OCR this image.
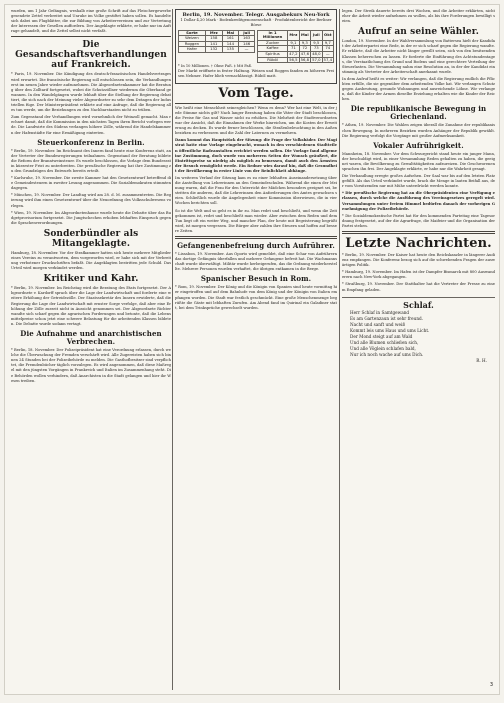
wurden, um 1 Jahr Gefängnis, weshalb eine große Schrift auf das Fleischergewerbe gesendete Zettel verbreitet und Unruhe im Volke gestiftet haben sollen. Es handelte sich dabei um Flugblätter, die zur Bildung von Arbeitervereinen und zur Vertretung der Interessen der Gesellen auffordern. Der Angeklagte erklärte, er habe nur im Auftrage gehandelt, und die Zettel selbst nicht verfaßt.

Die Gesandschaftsverhandlungen auf Frankreich.

* Paris, 19. November. Die Kündigung des deutsch-französischen Handelsvertrages wird erwartet. Die französische Regierung soll entschlossen sein, die Verhandlungen erst im neuen Jahre wieder aufzunehmen. Die Abgeordnetenkammer hat die Beratung über den Zolltarif fortgesetzt, wobei die Schutzzöllner wiederum die Oberhand gewannen. In den Wandelgängen wurde lebhaft über die Stellung der Regierung debattiert, die sich nach der Meinung vieler Abgeordneter zu sehr dem Drängen der Industriellen füge. Der Ministerpräsident erklärte auf eine Anfrage, daß die Regierung alles tun werde, um die Beziehungen zu den Nachbarstaaten nicht zu trüben.

Zum Gegenstand der Verhandlungen wird vornehmlich der Weinzoll gemacht. Man rechnet damit, daß die Kommission in den nächsten Tagen ihren Bericht vorlegen werde. Die Landwirte des Südens verlangen höhere Zölle, während die Handelskammern der Hafenstädte für eine Ermäßigung eintreten.

Steuerkonferenz in Berlin.

* Berlin, 19. November. Im Reichsamt des Innern fand heute eine Konferenz statt, an der Vertreter der Bundesregierungen teilnahmen. Gegenstand der Beratung bildete die Reform der Branntweinsteuer. Es wurde beschlossen, die Vorlage dem Bundesrat in kürzester Frist zu unterbreiten. Die preußische Regierung hat ihre Zustimmung zu den Grundzügen des Entwurfs bereits erteilt.

* Karlsruhe, 19. November. Die zweite Kammer hat den Gesetzentwurf betreffend die Gemeindesteuern in zweiter Lesung angenommen. Die Sozialdemokraten stimmten dagegen.

* München, 19. November. Der Landtag wird am 28. d. M. zusammentreten. Die Regierung wird ihm einen Gesetzentwurf über die Neuordnung des Volksschulwesens vorlegen.

* Wien, 19. November. Im Abgeordnetenhause wurde heute die Debatte über das Budgetprovisorium fortgesetzt. Die Jungtschechen erhoben lebhaften Einspruch gegen die Sprachenverordnungen.

Sonderbündler als Mitangeklagte.

Hamburg, 18. November. Vor der Strafkammer hatten sich heute mehrere Mitglieder eines Vereins zu verantworten, dem vorgeworfen wird, er habe sich mit der Verbreitung verbotener Druckschriften befaßt. Die Angeklagten bestritten jede Schuld. Das Urteil wird morgen verkündet werden.

Kritiker und Kahr.

* Berlin, 19. November. Im Reichstag wird die Beratung des Etats fortgesetzt. Der Abgeordnete v. Kardorff sprach über die Lage der Landwirtschaft und forderte eine weitere Erhöhung der Getreidezölle. Der Staatssekretär des Innern erwiderte, daß die Regierung die Lage der Landwirtschaft mit ernster Sorge verfolge, daß aber eine Erhöhung der Zölle zurzeit nicht in Aussicht genommen sei. Der Abgeordnete Richter wandte sich scharf gegen die agrarischen Forderungen und betonte, daß die Lebensmittelpreise schon jetzt eine schwere Belastung für die arbeitenden Klassen bildeten. Die Debatte wurde sodann vertagt.

Die Aufnahme und anarchistischen Verbrechen.

* Berlin, 18. November. Der Polizeipräsident hat eine Verordnung erlassen, durch welche die Überwachung der Fremden verschärft wird. Alle Zugereisten haben sich binnen 24 Stunden bei der Polizeibehörde zu melden. Die Gasthofbesitzer sind verpflichtet, die Fremdenbücher täglich vorzulegen. Es wird angenommen, daß diese Maßregel mit den jüngsten Vorgängen in Frankreich und Italien im Zusammenhang steht. Die Behörden wollen verhindern, daß Anarchisten in die Stadt gelangen und hier ihr Wesen treiben.

Berlin, 19. November. Telegr. Ausgabekurs Neu-York
1 Dollar 4,20 Mark · Bodenkreditgenossenschaft · Produktenbericht der Berliner Börse
Sorte	Mrz	Mai	Juli
Weizen	158	161	163
Roggen	141	144	146
Hafer	132	135	—
In 1 Millionen	Mrz	Mai	Juli	Okt
Zucker	9,1	9,3	9,5	9,7
Kaffee	71	72	73	74
Spiritus	47,2	47,6	48,0	—
Rüböl	56,5	56,8	57,0	57,4
* In 10 Millionen. † Ohne Faß. ‡ Mit Faß.

Der Markt eröffnete in fester Haltung. Weizen und Roggen fanden zu höheren Preisen Nehmer. Hafer blieb vernachlässigt. Rüböl matt.

Vom Tage.

Wie heißt eine Menschheit seinesgleichen? Wenn es denn? Wer hat eine Welt, in der jede Stimme nichts gilt? Nach langer Beratung haben die Väter der Stadt beschlossen, die Preise für Gas und Wasser nicht zu erhöhen. Die Mehrheit der Stadtverordneten war der Ansicht, daß die Einnahmen der Werke hinreichen, um die Kosten der Erweiterung zu decken. Es wurde ferner beschlossen, die Straßenbeleuchtung in den Außenbezirken zu verbessern und die Zahl der Laternen zu vermehren.

Dann kommt das Hauptstück der Sitzung: die Frage der Volksbäder. Der Magistrat hatte eine Vorlage eingebracht, wonach in den verschiedenen Stadtteilen öffentliche Badeanstalten errichtet werden sollen. Die Vorlage fand allgemeine Zustimmung, doch wurde von mehreren Seiten der Wunsch geäußert, die Eintrittspreise so niedrig als möglich zu bemessen, damit auch den Ärmsten der Besuch ermöglicht werde. Ein Redner wies darauf hin, daß die Gesundheit der Bevölkerung in erster Linie von der Reinlichkeit abhänge.

Im weiteren Verlauf der Sitzung kam es zu einer lebhaften Auseinandersetzung über die Anstellung von Lehrerinnen an den Gemeindeschulen. Während die einen der Meinung waren, daß die Frau für den Unterricht der Mädchen besonders geeignet sei, bestritten die anderen, daß die Lehrerinnen den Anforderungen des Amtes gewachsen seien. Schließlich wurde die Angelegenheit einer Kommission überwiesen, die in vier Wochen berichten soll.

So ist die Welt und so geht es in ihr zu. Man redet und beschließt, und wenn die Zeit gekommen ist, redet und beschließt man wieder. Aber zwischen dem Reden und dem Tun liegt oft ein weiter Weg, und mancher Plan, der heute mit Begeisterung begrüßt wird, ist morgen vergessen. Die Bürger aber zahlen ihre Steuern und hoffen auf bessere Zeiten.

Gefangenenbefreiung durch Aufrührer.

* Lissabon, 19. November. Aus Oporto wird gemeldet, daß eine Schar von Aufrührern das dortige Gefängnis überfallen und mehrere Gefangene befreit hat. Die Wachmannschaft wurde überwältigt. Militär wurde herbeigerufen, das die Ordnung wiederherstellte. Mehrere Personen wurden verhaftet, die übrigen entkamen in die Berge.

Spanischer Besuch in Rom.

* Rom, 19. November. Der König und die Königin von Spanien sind heute vormittag hier eingetroffen und auf dem Bahnhofe von dem König und der Königin von Italien empfangen worden. Die Stadt war festlich geschmückt. Eine große Menschenmenge begrüßte die Gäste mit lebhaften Zurufen. Am Abend fand im Quirinal ein Galadiner statt, bei dem Trinksprüche gewechselt wurden.

legen. Der Streik dauerte bereits drei Wochen, und die Arbeiter erklärten, nicht eher die Arbeit wieder aufnehmen zu wollen, als bis ihre Forderungen bewilligt seien.

Aufruf an seine Wähler.

London, 19. November. In der Wahlversammlung von Battersea hielt der Kandidat der Arbeiterpartei eine Rede, in der er sich scharf gegen die Regierung wandte. Er erklärte, daß die Arbeiter nicht länger gewillt seien, sich von den besitzenden Klassen beherrschen zu lassen. Er forderte die Einführung des Achtstundentages, die Verstaatlichung des Grund und Bodens und eine gerechtere Verteilung der Steuerlasten. Die Versammlung nahm eine Resolution an, in der der Kandidat einstimmig als Vertreter der Arbeiterschaft anerkannt wurde.

In dem Aufruf heißt es weiter: Wir verlangen, daß die Regierung endlich die Pflichten erfülle, die sie gegenüber dem arbeitenden Volke hat. Wir verlangen Schutz gegen Ausbeutung, gesunde Wohnungen und ausreichende Löhne. Wir verlangen, daß die Kinder der Armen dieselbe Erziehung erhalten wie die Kinder der Reichen.

Die republikanische Bewegung in Griechenland.

* Athen, 19. November. Die Wahlen zeigen überall die Zunahme der republikanischen Bewegung. In mehreren Bezirken wurden Anhänger der Republik gewählt. Die Regierung verfolgt die Vorgänge mit großer Aufmerksamkeit.

Vokaler Aufrührigkeit.

Mannheim, 18. November. Vor dem Schwurgericht stand heute ein junger Mann, der beschuldigt wird, in einer Versammlung Reden gehalten zu haben, die geeignet waren, die Bevölkerung zu Gewalttätigkeiten aufzureizen. Die Geschworenen sprachen ihn frei. Der Angeklagte erklärte, er habe nur die Wahrheit gesagt.

Die Verhandlung erregte großes Aufsehen. Der Saal war bis auf den letzten Platz gefüllt. Als das Urteil verkündet wurde, brach die Menge in lauten Beifall aus, der vom Vorsitzenden nur mit Mühe unterdrückt werden konnte.

* Die preußische Regierung hat an die Oberpräsidenten eine Verfügung erlassen, durch welche die Ausführung des Vereinsgesetzes geregelt wird. Versammlungen unter freiem Himmel bedürfen danach der vorherigen Genehmigung der Polizeibehörde.

* Die Sozialdemokratische Partei hat für den kommenden Parteitag eine Tagesordnung festgesetzt, auf der die Agrarfrage, die Maifeier und die Organisation der Partei stehen.

Letzte Nachrichten.

* Berlin, 19. November. Der Kaiser hat heute den Reichskanzler in längerer Audienz empfangen. Die Konferenz bezog sich auf die schwebenden Fragen der auswärtigen Politik.

* Hamburg, 19. November. Im Hafen ist der Dampfer Bismarck mit 800 Auswanderern nach New-York abgegangen.

* Straßburg, 19. November. Der Statthalter hat die Vertreter der Presse zu einem Empfang geladen.

Schlaf.
Herr Schlaf in Samtgewand
Es am Gartenzaun ist sehr freund.
Nacht und sanft und weiß
Kommt leis ums Haus und ums Licht.
Der Mond steigt auf am Wald
Und alle Blumen schließen sich,
Und alle Vöglein schlafen bald,
Nur ich noch wache auf ums Dich.
R. H.
3
